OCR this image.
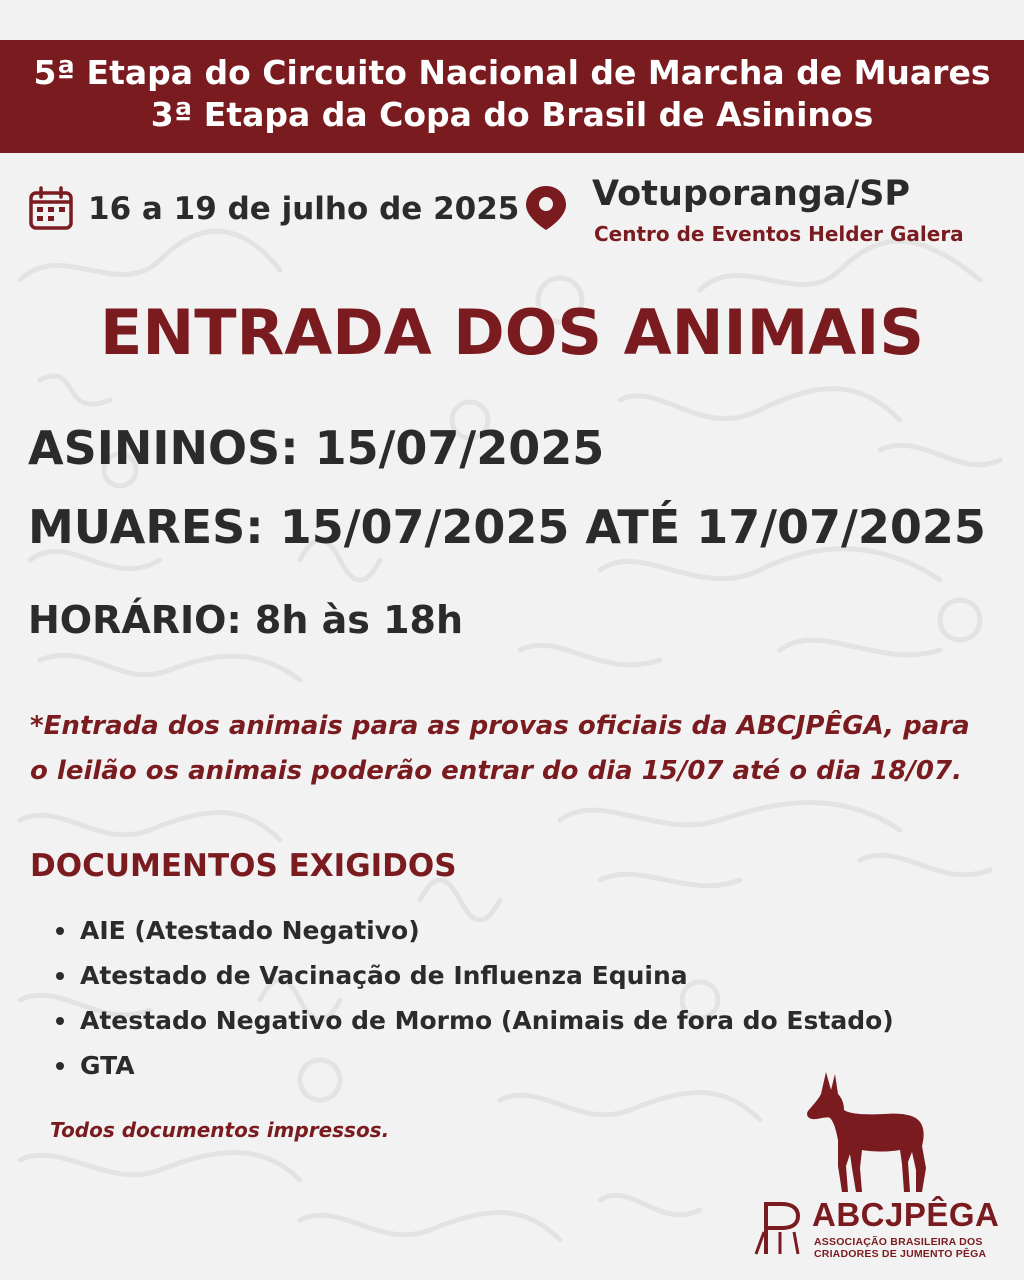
5ª Etapa do Circuito Nacional de Marcha de Muares
3ª Etapa da Copa do Brasil de Asininos
16 a 19 de julho de 2025 Votuporanga/SP
Centro de Eventos Helder Galera
ENTRADA DOS ANIMAIS
ASININOS: 15/07/2025
MUARES: 15/07/2025 ATÉ 17/07/2025
HORÁRIO: 8h às 18h
*Entrada dos animais para as provas oficiais da ABCJPÊGA, para o leilão os animais poderão entrar do dia 15/07 até o dia 18/07.
DOCUMENTOS EXIGIDOS
AIE (Atestado Negativo)
Atestado de Vacinação de Influenza Equina
Atestado Negativo de Mormo (Animais de fora do Estado)
GTA
Todos documentos impressos.
ABCJPÊGA
ASSOCIAÇÃO BRASILEIRA DOS
CRIADORES DE JUMENTO PÊGA
